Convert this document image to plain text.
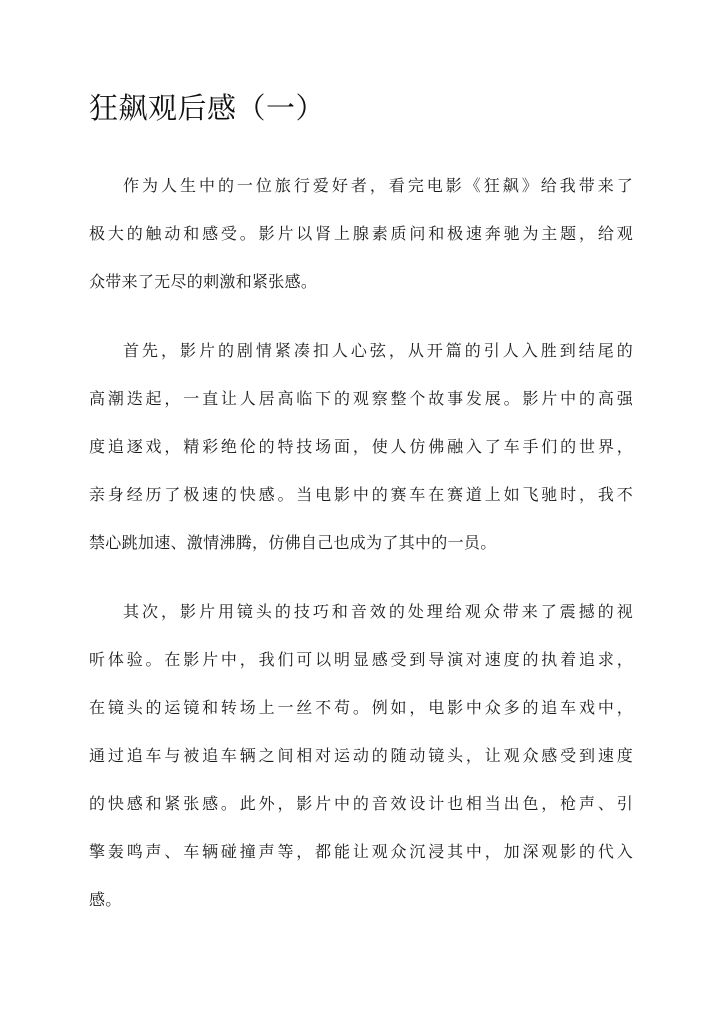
狂飙观后感（一）

作为人生中的一位旅行爱好者，看完电影《狂飙》给我带来了
极大的触动和感受。影片以肾上腺素质问和极速奔驰为主题，给观
众带来了无尽的刺激和紧张感。

首先，影片的剧情紧凑扣人心弦，从开篇的引人入胜到结尾的
高潮迭起，一直让人居高临下的观察整个故事发展。影片中的高强
度追逐戏，精彩绝伦的特技场面，使人仿佛融入了车手们的世界，
亲身经历了极速的快感。当电影中的赛车在赛道上如飞驰时，我不
禁心跳加速、激情沸腾，仿佛自己也成为了其中的一员。

其次，影片用镜头的技巧和音效的处理给观众带来了震撼的视
听体验。在影片中，我们可以明显感受到导演对速度的执着追求，
在镜头的运镜和转场上一丝不苟。例如，电影中众多的追车戏中，
通过追车与被追车辆之间相对运动的随动镜头，让观众感受到速度
的快感和紧张感。此外，影片中的音效设计也相当出色，枪声、引
擎轰鸣声、车辆碰撞声等，都能让观众沉浸其中，加深观影的代入
感。
